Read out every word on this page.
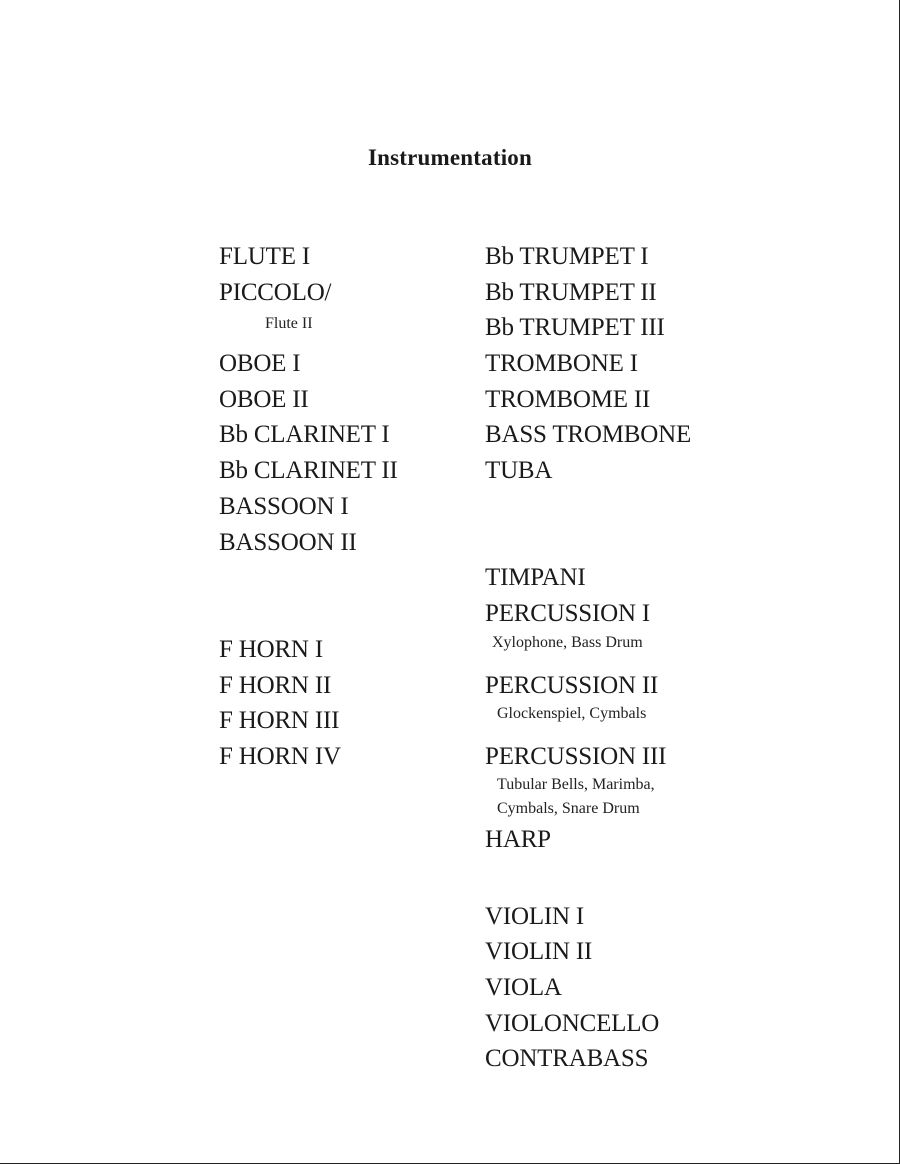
Instrumentation
FLUTE I
PICCOLO/
Flute II
OBOE I
OBOE II
Bb CLARINET I
Bb CLARINET II
BASSOON I
BASSOON II
F HORN I
F HORN II
F HORN III
F HORN IV
Bb TRUMPET I
Bb TRUMPET II
Bb TRUMPET III
TROMBONE I
TROMBOME II
BASS TROMBONE
TUBA
TIMPANI
PERCUSSION I
Xylophone, Bass Drum
PERCUSSION II
Glockenspiel, Cymbals
PERCUSSION III
Tubular Bells, Marimba,
Cymbals, Snare Drum
HARP
VIOLIN I
VIOLIN II
VIOLA
VIOLONCELLO
CONTRABASS
